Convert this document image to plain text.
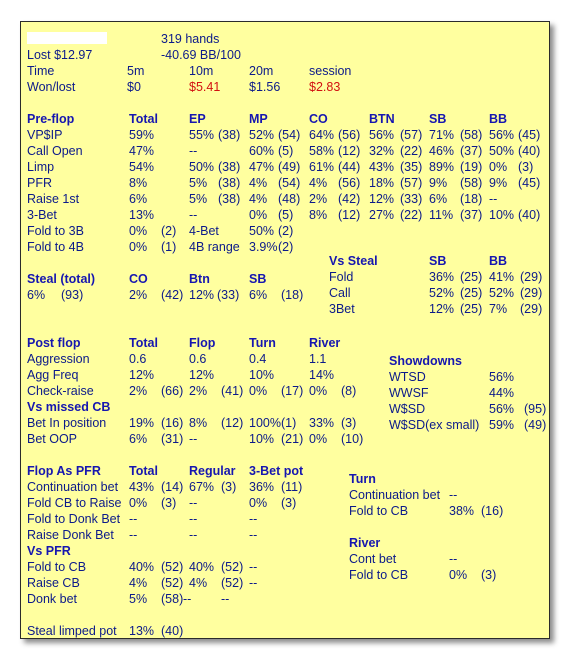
319 hands
Lost $12.97	-40.69 BB/100
Time	5m	10m	20m	session
Won/lost	$0	$5.41 $1.56 $2.83
Pre-flop	Total EP	MP	CO	BTN	SB	BB
VP$IP	59%	55% (38) 52% (54) 64% (56) 56% (57) 71% (58) 56% (45)
Call Open	47%	--	60% (5) 58% (12) 32% (22) 46% (37) 50% (40)
Limp	54%	50% (38) 47% (49) 61% (44) 43% (35) 89% (19) 0% (3)
PFR	8%	5% (38) 4% (54) 4% (56) 18% (57) 9% (58) 9% (45)
Raise 1st	6%	5% (38) 4% (48) 2% (42) 12% (33) 6% (18) --
3-Bet	13%	--	0% (5) 8% (12) 27% (22) 11% (37) 10% (40)
Fold to 3B	0% (2) 4-Bet 50% (2)
Fold to 4B	0% (1) 4B range 3.9% (2)
Steal (total)	CO	Btn	SB
6% (93)	2% (42) 12% (33) 6% (18)
Vs Steal	SB	BB
Fold	36% (25) 41% (29)
Call	52% (25) 52% (29)
3Bet	12% (25) 7% (29)
Post flop	Total Flop	Turn	River
Aggression	0.6	0.6	0.4	1.1
Agg Freq	12%	12%	10%	14%
Check-raise	2% (66) 2% (41) 0% (17) 0% (8)
Vs missed CB
Bet In position 19% (16) 8% (12) 100%(1) 33% (3)
Bet OOP	6% (31) --	10% (21) 0% (10)
Showdowns
WTSD	56%
WWSF	44%
W$SD	56% (95)
W$SD(ex small) 59% (49)
Flop As PFR Total Regular 3-Bet pot
Continuation bet 43% (14) 67% (3) 36% (11)
Fold CB to Raise 0% (3) --	0% (3)
Fold to Donk Bet --	--	--
Raise Donk Bet --	--	--
Vs PFR
Fold to CB	40% (52) 40% (52) --
Raise CB	4% (52) 4% (52) --
Donk bet	5% (58) -- --
Steal limped pot 13% (40)
Turn
Continuation bet --
Fold to CB	38% (16)
River
Cont bet	--
Fold to CB	0% (3)
